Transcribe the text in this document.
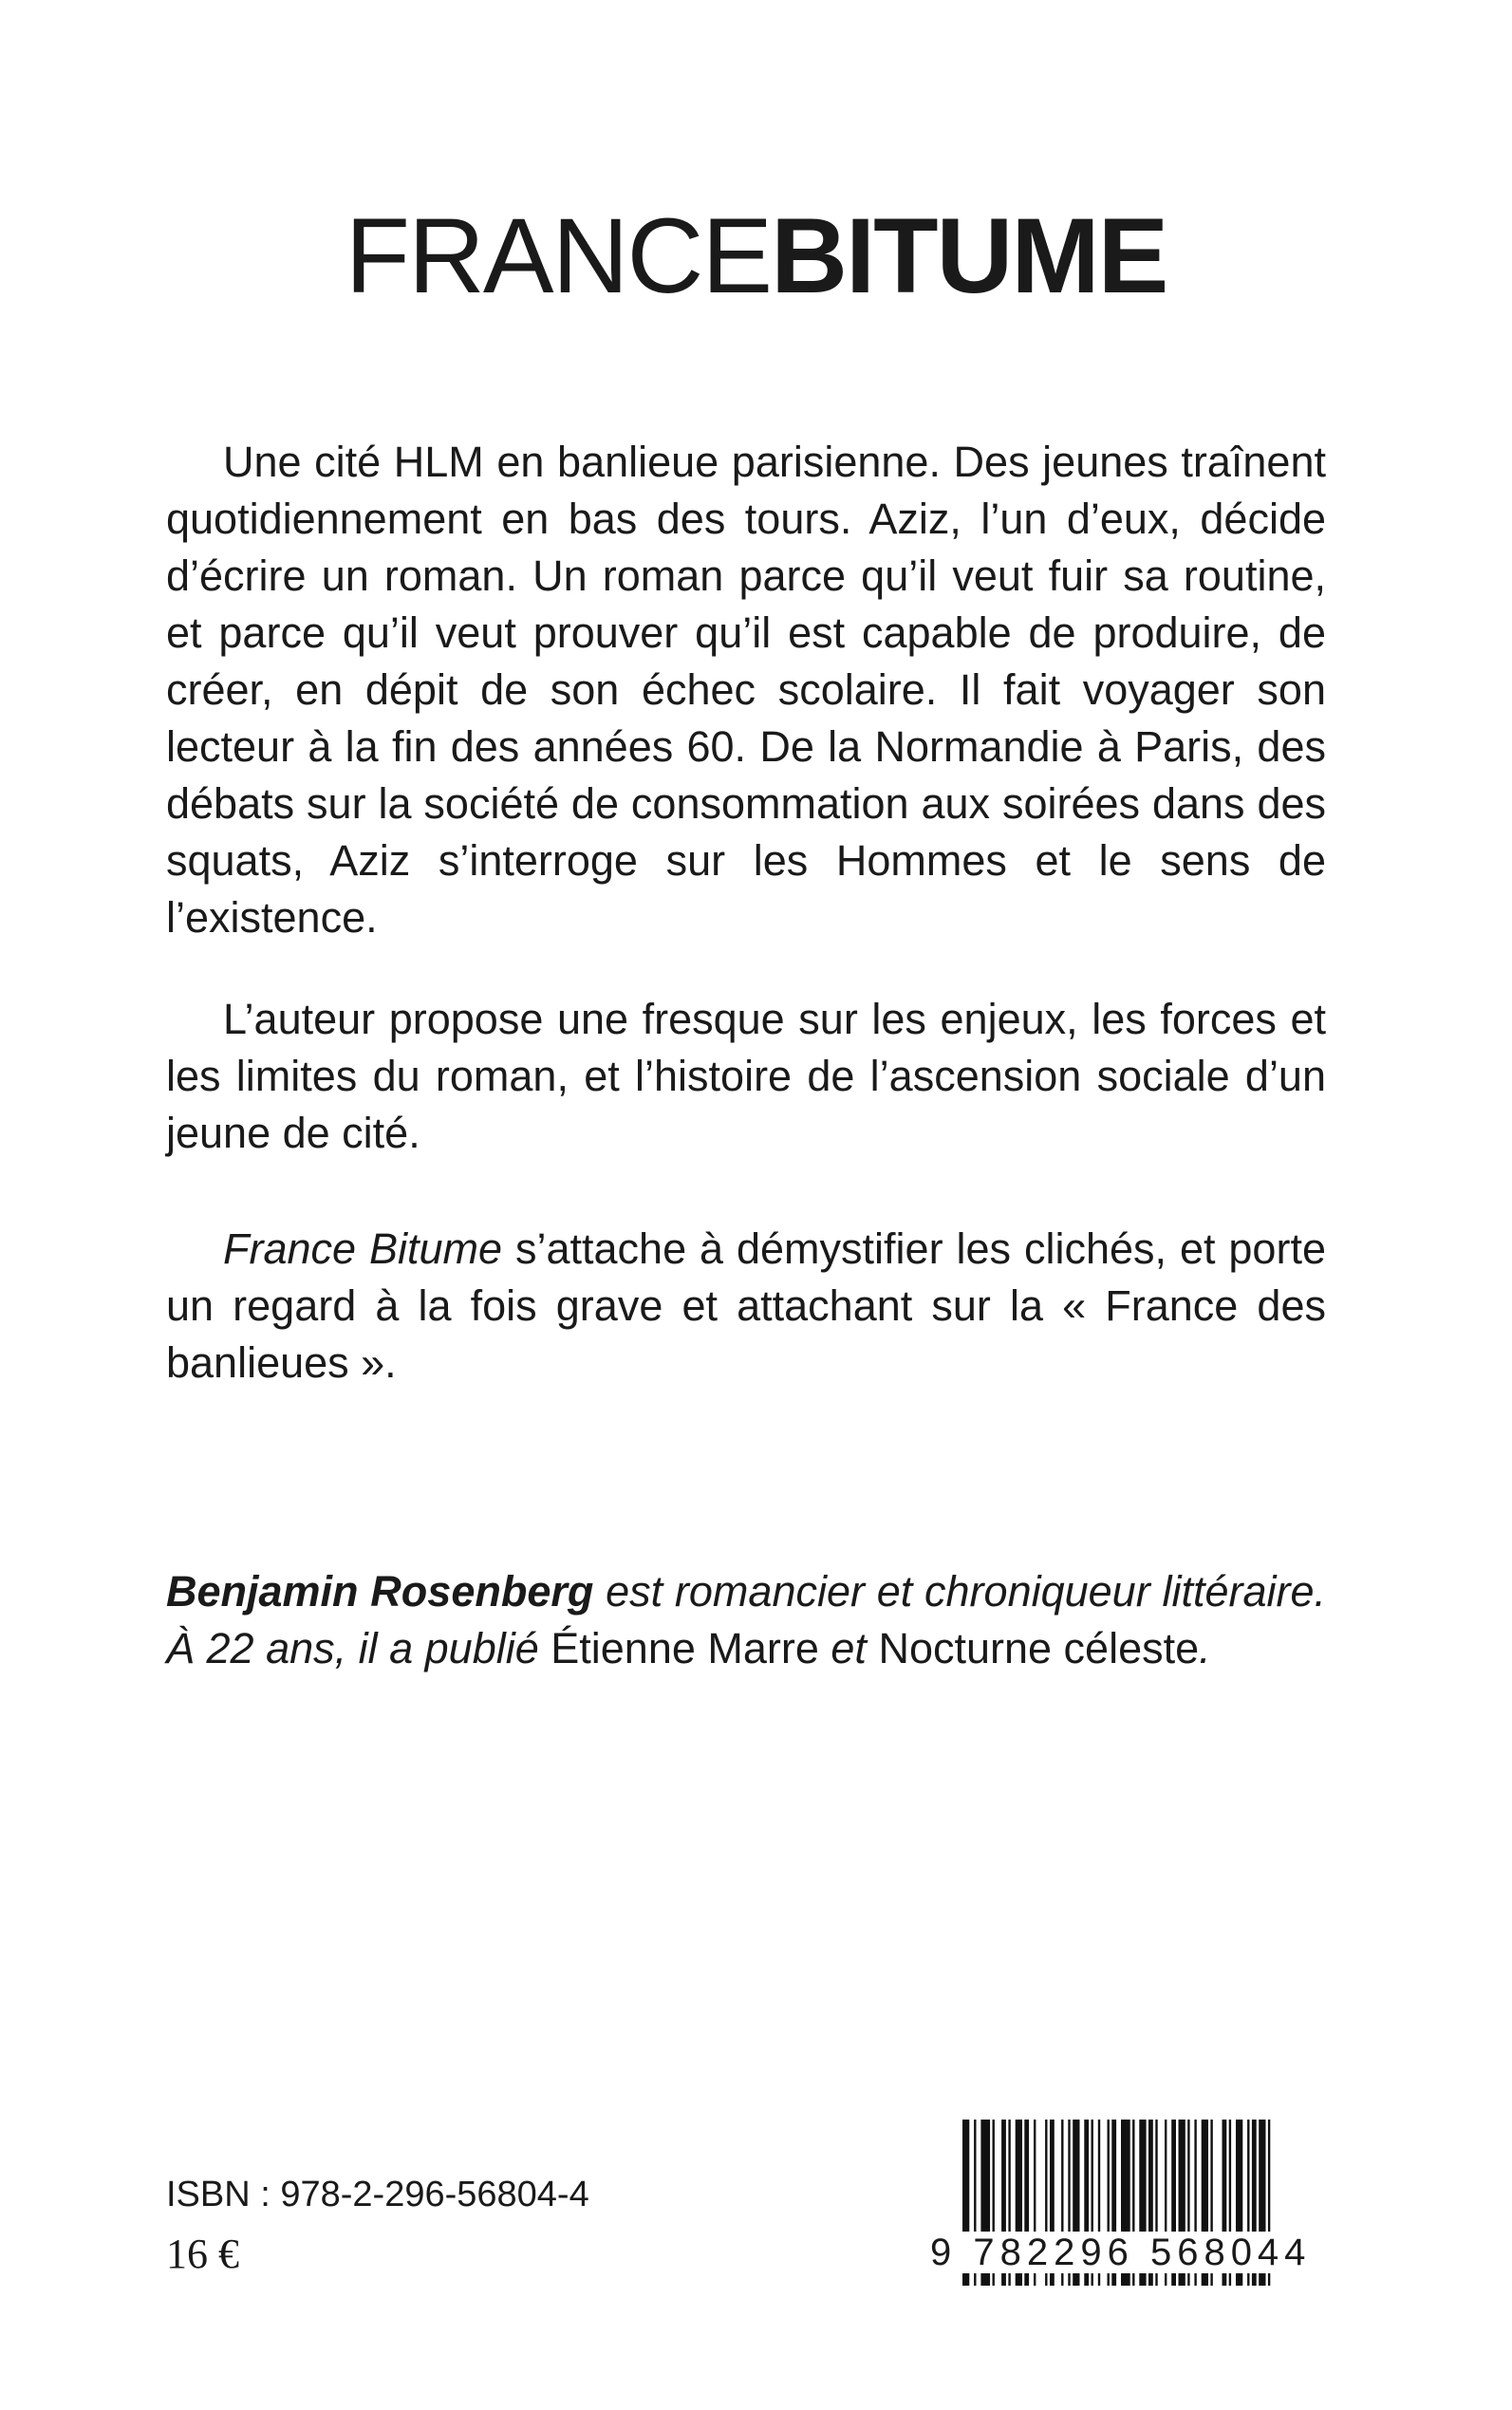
FRANCEBITUME

Une cité HLM en banlieue parisienne. Des jeunes traînent quotidiennement en bas des tours. Aziz, l’un d’eux, décide d’écrire un roman. Un roman parce qu’il veut fuir sa routine, et parce qu’il veut prouver qu’il est capable de produire, de créer, en dépit de son échec scolaire. Il fait voyager son lecteur à la fin des années 60. De la Normandie à Paris, des débats sur la société de consommation aux soirées dans des squats, Aziz s’interroge sur les Hommes et le sens de l’existence.

L’auteur propose une fresque sur les enjeux, les forces et les limites du roman, et l’histoire de l’ascension sociale d’un jeune de cité.

France Bitume s’attache à démystifier les clichés, et porte un regard à la fois grave et attachant sur la « France des banlieues ».

Benjamin Rosenberg est romancier et chroniqueur littéraire. À 22 ans, il a publié Étienne Marre et Nocturne céleste.
ISBN : 978-2-296-56804-4
16 €	9 782296 568044
